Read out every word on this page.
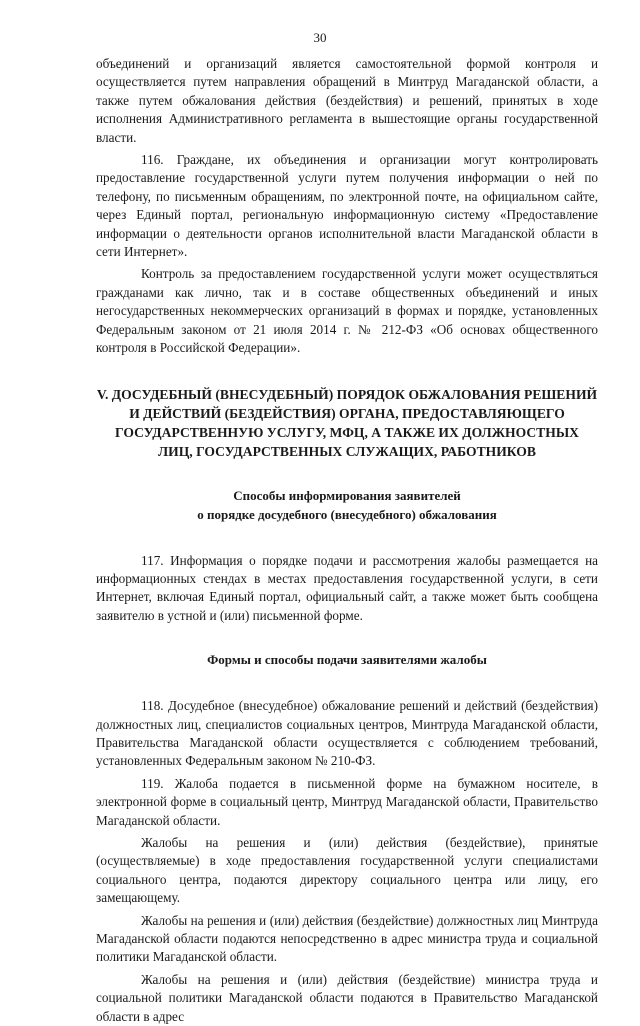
30

объединений и организаций является самостоятельной формой контроля и осуществляется путем направления обращений в Минтруд Магаданской области, а также путем обжалования действия (бездействия) и решений, принятых в ходе исполнения Административного регламента в вышестоящие органы государственной власти.

116. Граждане, их объединения и организации могут контролировать предоставление государственной услуги путем получения информации о ней по телефону, по письменным обращениям, по электронной почте, на официальном сайте, через Единый портал, региональную информационную систему «Предоставление информации о деятельности органов исполнительной власти Магаданской области в сети Интернет».

Контроль за предоставлением государственной услуги может осуществляться гражданами как лично, так и в составе общественных объединений и иных негосударственных некоммерческих организаций в формах и порядке, установленных Федеральным законом от 21 июля 2014 г. № 212-ФЗ «Об основах общественного контроля в Российской Федерации».

V. ДОСУДЕБНЫЙ (ВНЕСУДЕБНЫЙ) ПОРЯДОК ОБЖАЛОВАНИЯ РЕШЕНИЙ И ДЕЙСТВИЙ (БЕЗДЕЙСТВИЯ) ОРГАНА, ПРЕДОСТАВЛЯЮЩЕГО ГОСУДАРСТВЕННУЮ УСЛУГУ, МФЦ, А ТАКЖЕ ИХ ДОЛЖНОСТНЫХ ЛИЦ, ГОСУДАРСТВЕННЫХ СЛУЖАЩИХ, РАБОТНИКОВ
Способы информирования заявителей
о порядке досудебного (внесудебного) обжалования

117. Информация о порядке подачи и рассмотрения жалобы размещается на информационных стендах в местах предоставления государственной услуги, в сети Интернет, включая Единый портал, официальный сайт, а также может быть сообщена заявителю в устной и (или) письменной форме.

Формы и способы подачи заявителями жалобы

118. Досудебное (внесудебное) обжалование решений и действий (бездействия) должностных лиц, специалистов социальных центров, Минтруда Магаданской области, Правительства Магаданской области осуществляется с соблюдением требований, установленных Федеральным законом № 210-ФЗ.

119. Жалоба подается в письменной форме на бумажном носителе, в электронной форме в социальный центр, Минтруд Магаданской области, Правительство Магаданской области.

Жалобы на решения и (или) действия (бездействие), принятые (осуществляемые) в ходе предоставления государственной услуги специалистами социального центра, подаются директору социального центра или лицу, его замещающему.

Жалобы на решения и (или) действия (бездействие) должностных лиц Минтруда Магаданской области подаются непосредственно в адрес министра труда и социальной политики Магаданской области.

Жалобы на решения и (или) действия (бездействие) министра труда и социальной политики Магаданской области подаются в Правительство Магаданской области в адрес
